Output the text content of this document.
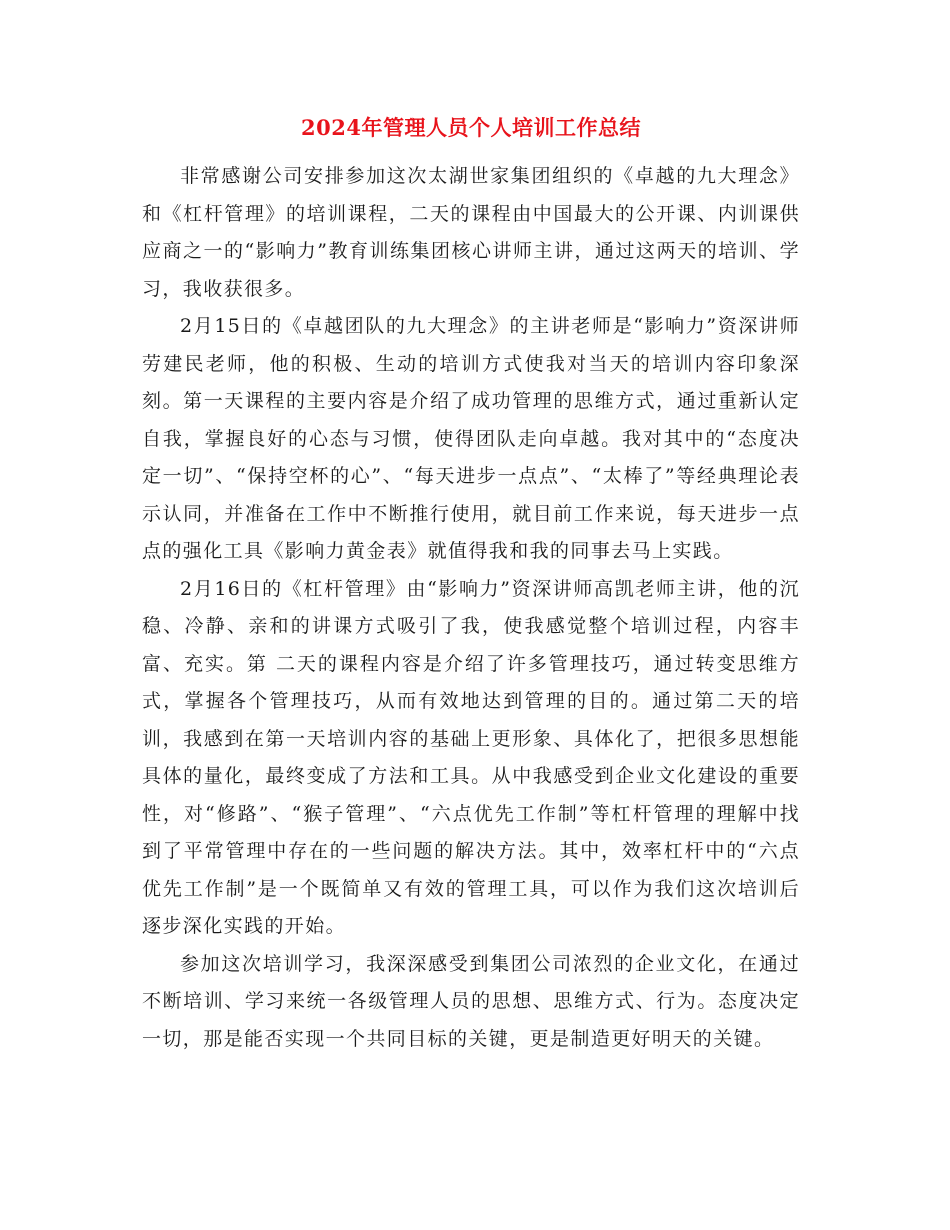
2024年管理人员个人培训工作总结

非常感谢公司安排参加这次太湖世家集团组织的《卓越的九大理念》和《杠杆管理》的培训课程，二天的课程由中国最大的公开课、内训课供应商之一的“影响力”教育训练集团核心讲师主讲，通过这两天的培训、学习，我收获很多。

2月15日的《卓越团队的九大理念》的主讲老师是“影响力”资深讲师劳建民老师，他的积极、生动的培训方式使我对当天的培训内容印象深刻。第一天课程的主要内容是介绍了成功管理的思维方式，通过重新认定自我，掌握良好的心态与习惯，使得团队走向卓越。我对其中的“态度决定一切”、“保持空杯的心”、“每天进步一点点”、“太棒了”等经典理论表示认同，并准备在工作中不断推行使用，就目前工作来说，每天进步一点点的强化工具《影响力黄金表》就值得我和我的同事去马上实践。

2月16日的《杠杆管理》由“影响力”资深讲师高凯老师主讲，他的沉稳、冷静、亲和的讲课方式吸引了我，使我感觉整个培训过程，内容丰富、充实。第 二天的课程内容是介绍了许多管理技巧，通过转变思维方式，掌握各个管理技巧，从而有效地达到管理的目的。通过第二天的培训，我感到在第一天培训内容的基础上更形象、具体化了，把很多思想能具体的量化，最终变成了方法和工具。从中我感受到企业文化建设的重要性，对“修路”、“猴子管理”、“六点优先工作制”等杠杆管理的理解中找到了平常管理中存在的一些问题的解决方法。其中，效率杠杆中的“六点优先工作制”是一个既简单又有效的管理工具，可以作为我们这次培训后逐步深化实践的开始。

参加这次培训学习，我深深感受到集团公司浓烈的企业文化，在通过不断培训、学习来统一各级管理人员的思想、思维方式、行为。态度决定一切，那是能否实现一个共同目标的关键，更是制造更好明天的关键。
